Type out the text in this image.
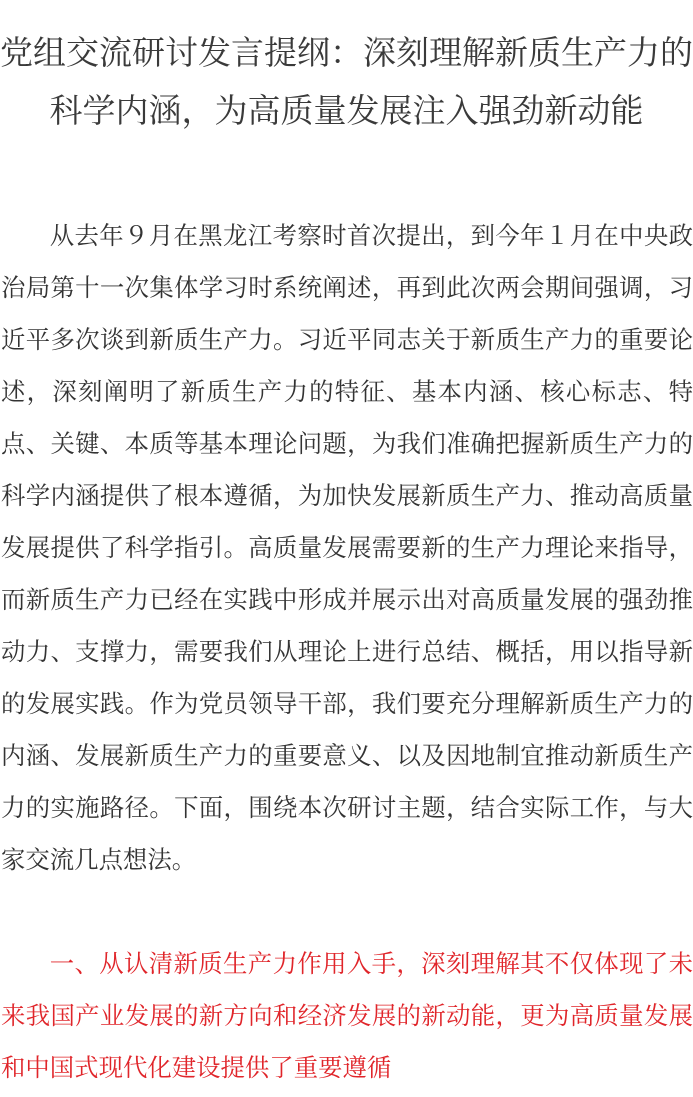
党组交流研讨发言提纲：深刻理解新质生产力的科学内涵，为高质量发展注入强劲新动能

从去年９月在黑龙江考察时首次提出，到今年１月在中央政治局第十一次集体学习时系统阐述，再到此次两会期间强调，习近平多次谈到新质生产力。习近平同志关于新质生产力的重要论述，深刻阐明了新质生产力的特征、基本内涵、核心标志、特点、关键、本质等基本理论问题，为我们准确把握新质生产力的科学内涵提供了根本遵循，为加快发展新质生产力、推动高质量发展提供了科学指引。高质量发展需要新的生产力理论来指导，而新质生产力已经在实践中形成并展示出对高质量发展的强劲推动力、支撑力，需要我们从理论上进行总结、概括，用以指导新的发展实践。作为党员领导干部，我们要充分理解新质生产力的内涵、发展新质生产力的重要意义、以及因地制宜推动新质生产力的实施路径。下面，围绕本次研讨主题，结合实际工作，与大家交流几点想法。

一、从认清新质生产力作用入手，深刻理解其不仅体现了未来我国产业发展的新方向和经济发展的新动能，更为高质量发展和中国式现代化建设提供了重要遵循
